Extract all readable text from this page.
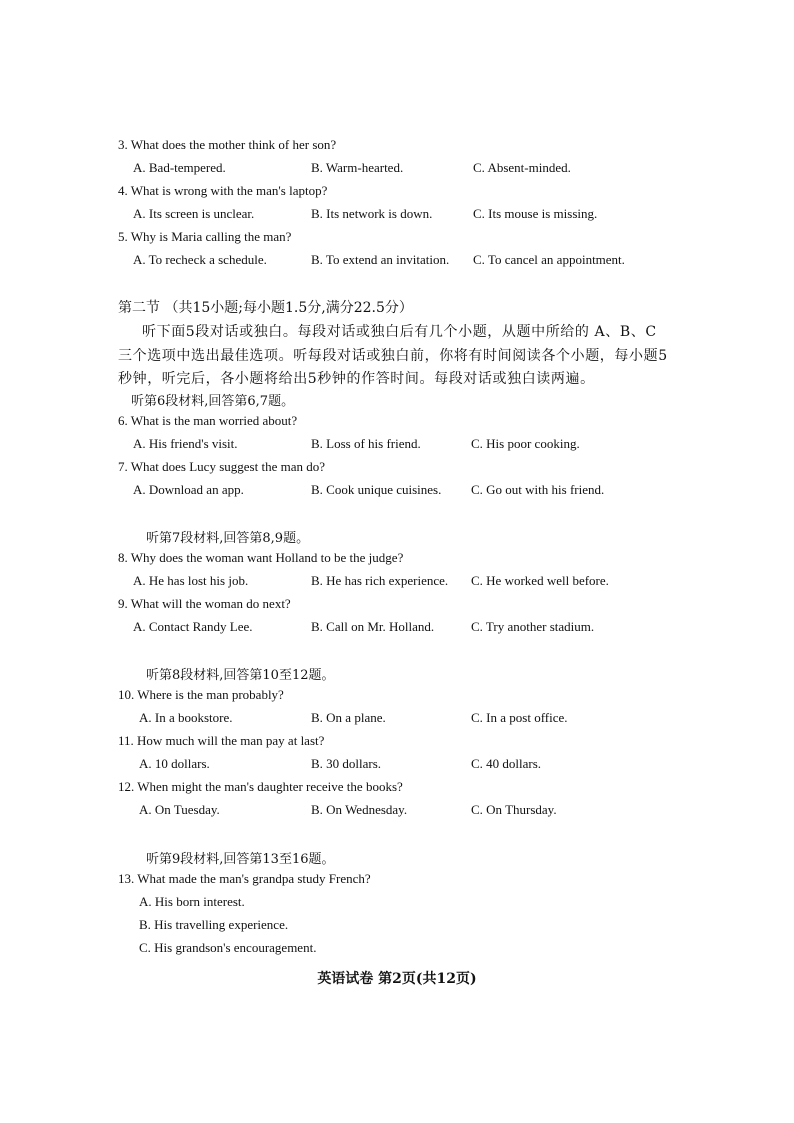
3. What does the mother think of her son?
A. Bad-tempered.	B. Warm-hearted.	C. Absent-minded.
4. What is wrong with the man's laptop?
A. Its screen is unclear.	B. Its network is down.	C. Its mouse is missing.
5. Why is Maria calling the man?
A. To recheck a schedule.	B. To extend an invitation. C. To cancel an appointment.
第二节 （共15小题;每小题1.5分,满分22.5分）
听下面5段对话或独白。每段对话或独白后有几个小题，从题中所给的 A、B、C
三个选项中选出最佳选项。听每段对话或独白前，你将有时间阅读各个小题，每小题5
秒钟，听完后，各小题将给出5秒钟的作答时间。每段对话或独白读两遍。
听第6段材料,回答第6,7题。
6. What is the man worried about?
A. His friend's visit.	B. Loss of his friend.	C. His poor cooking.
7. What does Lucy suggest the man do?
A. Download an app.	B. Cook unique cuisines. C. Go out with his friend.
听第7段材料,回答第8,9题。
8. Why does the woman want Holland to be the judge?
A. He has lost his job.	B. He has rich experience. C. He worked well before.
9. What will the woman do next?
A. Contact Randy Lee.	B. Call on Mr. Holland.	C. Try another stadium.
听第8段材料,回答第10至12题。
10. Where is the man probably?
A. In a bookstore.	B. On a plane.	C. In a post office.
11. How much will the man pay at last?
A. 10 dollars.	B. 30 dollars.	C. 40 dollars.
12. When might the man's daughter receive the books?
A. On Tuesday.	B. On Wednesday.	C. On Thursday.
听第9段材料,回答第13至16题。
13. What made the man's grandpa study French?
A. His born interest.
B. His travelling experience.
C. His grandson's encouragement.
英语试卷 第2页(共12页)
